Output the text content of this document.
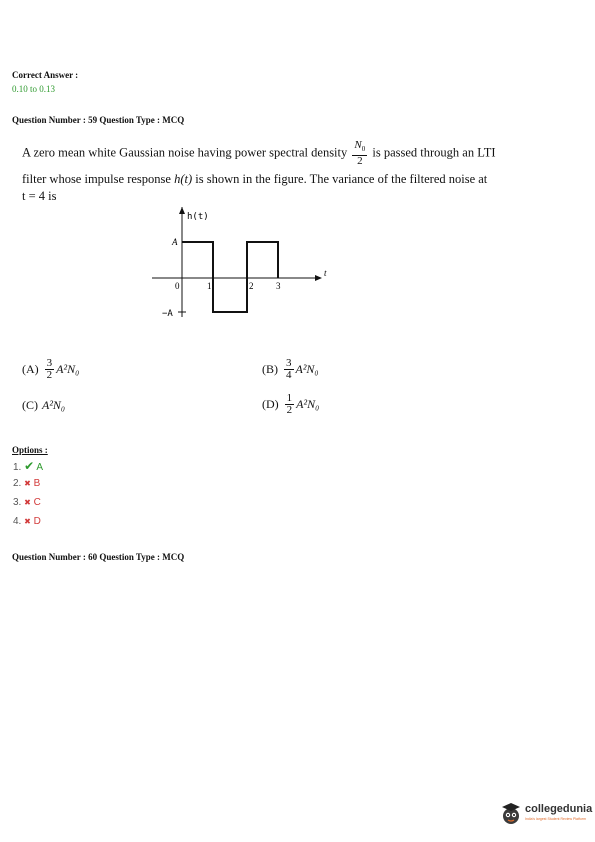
Correct Answer :
0.10 to 0.13
Question Number : 59 Question Type : MCQ
A zero mean white Gaussian noise having power spectral density $\frac{N_0}{2}$ is passed through an LTI
filter whose impulse response h(t) is shown in the figure. The variance of the filtered noise at
t = 4 is
h(t)
t
A
−A
0	1	2	3
$(A) \frac{3}{2} A^2N_0$	$(B) \frac{3}{4} A^2N_0$
(C) A²N₀	$(D) \frac{1}{2} A^2N_0$
Options :
1. ✔ A
2. ✖ B
3. ✖ C
4. ✖ D
Question Number : 60 Question Type : MCQ
collegedunia
India's largest Student Review Platform
